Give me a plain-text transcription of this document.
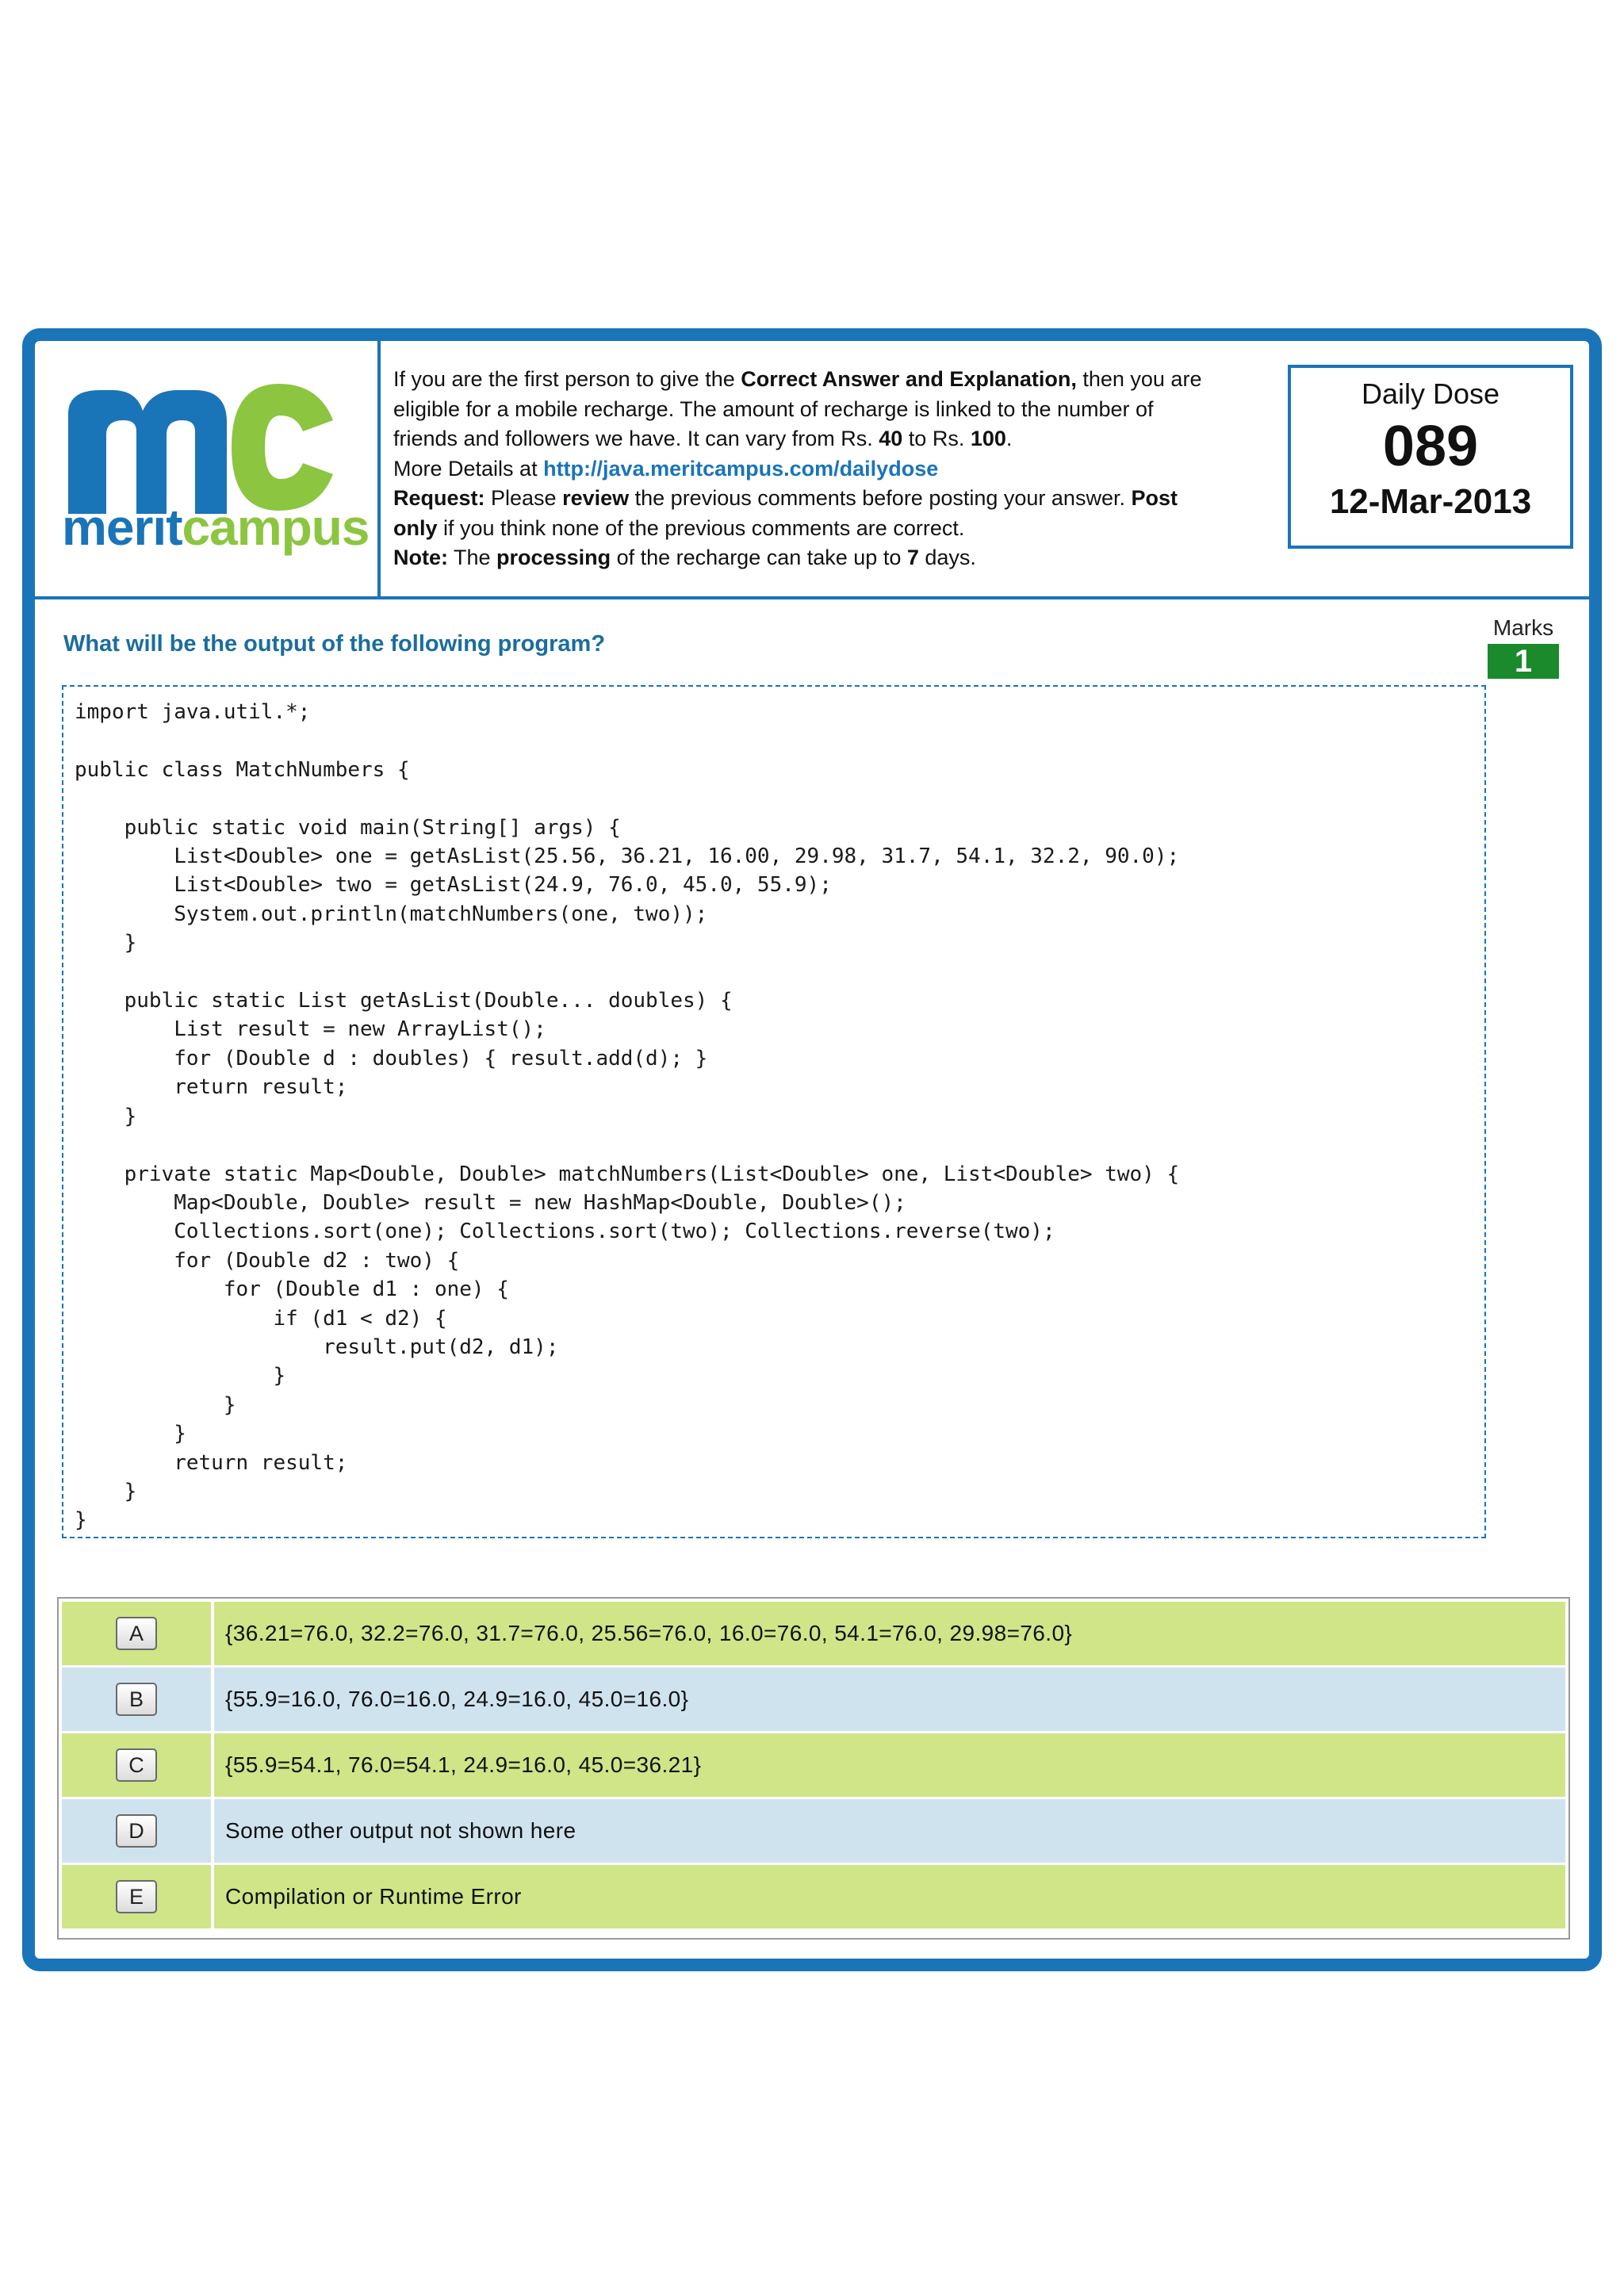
meritcampus
If you are the first person to give the Correct Answer and Explanation, then you are
eligible for a mobile recharge. The amount of recharge is linked to the number of
friends and followers we have. It can vary from Rs. 40 to Rs. 100.
More Details at http://java.meritcampus.com/dailydose
Request: Please review the previous comments before posting your answer. Post
only if you think none of the previous comments are correct.
Note: The processing of the recharge can take up to 7 days.
Daily Dose
089
12-Mar-2013
What will be the output of the following program?
Marks
1
import java.util.*;

public class MatchNumbers {

public static void main(String[] args) {
List<Double> one = getAsList(25.56, 36.21, 16.00, 29.98, 31.7, 54.1, 32.2, 90.0);
List<Double> two = getAsList(24.9, 76.0, 45.0, 55.9);
System.out.println(matchNumbers(one, two));
}

public static List getAsList(Double... doubles) {
List result = new ArrayList();
for (Double d : doubles) { result.add(d); }
return result;
}

private static Map<Double, Double> matchNumbers(List<Double> one, List<Double> two) {
Map<Double, Double> result = new HashMap<Double, Double>();
Collections.sort(one); Collections.sort(two); Collections.reverse(two);
for (Double d2 : two) {
for (Double d1 : one) {
if (d1 < d2) {
result.put(d2, d1);
}
}
}
return result;
}
}
A	{36.21=76.0, 32.2=76.0, 31.7=76.0, 25.56=76.0, 16.0=76.0, 54.1=76.0, 29.98=76.0}
B	{55.9=16.0, 76.0=16.0, 24.9=16.0, 45.0=16.0}
C	{55.9=54.1, 76.0=54.1, 24.9=16.0, 45.0=36.21}
D	Some other output not shown here
E	Compilation or Runtime Error
